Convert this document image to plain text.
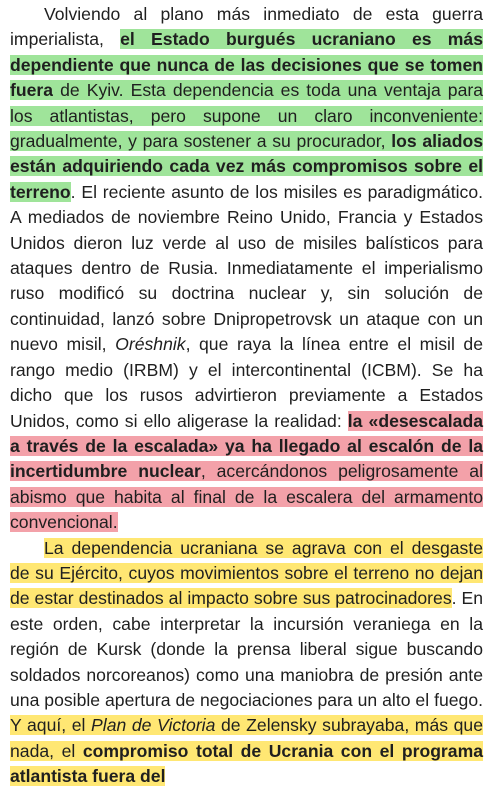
Volviendo al plano más inmediato de esta guerra imperialista, el Estado burgués ucraniano es más dependiente que nunca de las decisiones que se tomen fuera de Kyiv. Esta dependencia es toda una ventaja para los atlantistas, pero supone un claro inconveniente: gradualmente, y para sostener a su procurador, los aliados están adquiriendo cada vez más compromisos sobre el terreno. El reciente asunto de los misiles es paradigmático. A mediados de noviembre Reino Unido, Francia y Estados Unidos dieron luz verde al uso de misiles balísticos para ataques dentro de Rusia. Inmediatamente el imperialismo ruso modificó su doctrina nuclear y, sin solución de continuidad, lanzó sobre Dnipropetrovsk un ataque con un nuevo misil, Oréshnik, que raya la línea entre el misil de rango medio (IRBM) y el intercontinental (ICBM). Se ha dicho que los rusos advirtieron previamente a Estados Unidos, como si ello aligerase la realidad: la «desescalada a través de la escalada» ya ha llegado al escalón de la incertidumbre nuclear, acercándonos peligrosamente al abismo que habita al final de la escalera del armamento convencional.

La dependencia ucraniana se agrava con el desgaste de su Ejército, cuyos movimientos sobre el terreno no dejan de estar destinados al impacto sobre sus patrocinadores. En este orden, cabe interpretar la incursión veraniega en la región de Kursk (donde la prensa liberal sigue buscando soldados norcoreanos) como una maniobra de presión ante una posible apertura de negociaciones para un alto el fuego. Y aquí, el Plan de Victoria de Zelensky subrayaba, más que nada, el compromiso total de Ucrania con el programa atlantista fuera del
